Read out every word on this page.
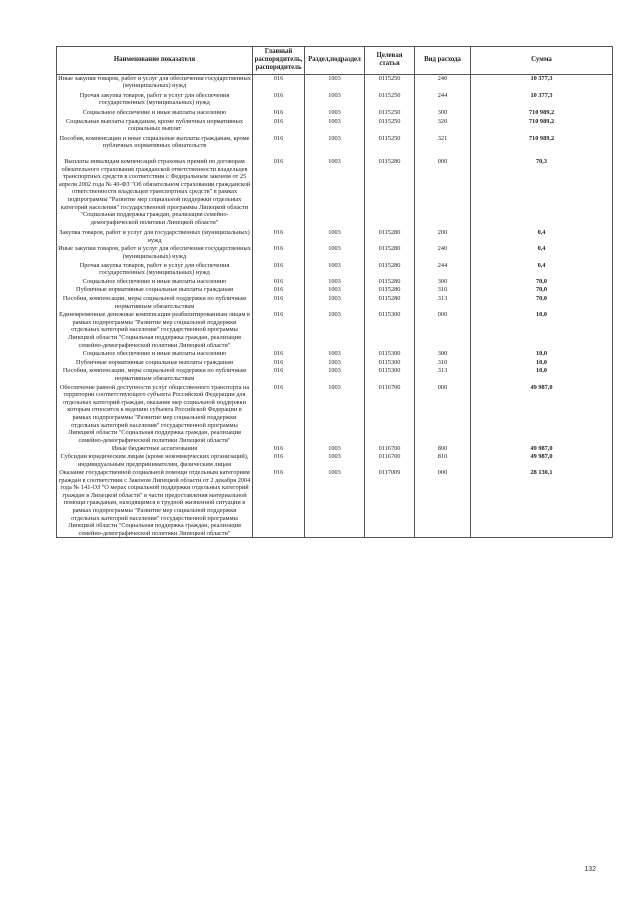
Наименование показателя	Главный распорядитель, распорядитель	Раздел,подраздел	Целевая статья	Вид расхода	Сумма
Иные закупки товаров, работ и услуг для обеспечения государственных (муниципальных) нужд	016	1003	0115250	240	10 377,3
Прочая закупка товаров, работ и услуг для обеспечения государственных (муниципальных) нужд	016	1003	0115250	244	10 377,3
Социальное обеспечение и иные выплаты населению	016	1003	0115250	300	710 989,2
Социальные выплаты гражданам, кроме публичных нормативных социальных выплат	016	1003	0115250	320	710 989,2
Пособия, компенсации и иные социальные выплаты гражданам, кроме публичных нормативных обязательств	016	1003	0115250	321	710 989,2
Выплаты инвалидам компенсаций страховых премий по договорам обязательного страхования гражданской ответственности владельцев транспортных средств в соответствии с Федеральным законом от 25 апреля 2002 года № 40-ФЗ "Об обязательном страховании гражданской ответственности владельцев транспортных средств" в рамках подпрограммы "Развитие мер социальной поддержки отдельных категорий населения" государственной программы Липецкой области "Социальная поддержка граждан, реализация семейно-демографической политики Липецкой области"	016	1003	0115280	000	70,3
Закупка товаров, работ и услуг для государственных (муниципальных) нужд	016	1003	0115280	200	0,4
Иные закупки товаров, работ и услуг для обеспечения государственных (муниципальных) нужд	016	1003	0115280	240	0,4
Прочая закупка товаров, работ и услуг для обеспечения государственных (муниципальных) нужд	016	1003	0115280	244	0,4
Социальное обеспечение и иные выплаты населению	016	1003	0115280	300	70,0
Публичные нормативные социальные выплаты гражданам	016	1003	0115280	310	70,0
Пособия, компенсации, меры социальной поддержки по публичным нормативным обязательствам	016	1003	0115280	313	70,0
Единовременные денежные компенсации реабилитированным лицам в рамках подпрограммы "Развитие мер социальной поддержки отдельных категорий населения" государственной программы Липецкой области "Социальная поддержка граждан, реализация семейно-демографической политики Липецкой области"	016	1003	0115300	000	10,0
Социальное обеспечение и иные выплаты населению	016	1003	0115300	300	10,0
Публичные нормативные социальные выплаты гражданам	016	1003	0115300	310	10,0
Пособия, компенсации, меры социальной поддержки по публичным нормативным обязательствам	016	1003	0115300	313	10,0
Обеспечение равной доступности услуг общественного транспорта на территории соответствующего субъекта Российской Федерации для отдельных категорий граждан, оказание мер социальной поддержки которым относится к ведению субъекта Российской Федерации в рамках подпрограммы "Развитие мер социальной поддержки отдельных категорий населения" государственной программы Липецкой области "Социальная поддержка граждан, реализация семейно-демографической политики Липецкой области"	016	1003	0116700	000	49 987,0
Иные бюджетные ассигнования	016	1003	0116700	800	49 987,0
Субсидии юридическим лицам (кроме некоммерческих организаций), индивидуальным предпринимателям, физическим лицам	016	1003	0116700	810	49 987,0
Оказание государственной социальной помощи отдельным категориям граждан в соответствии с Законом Липецкой области от 2 декабря 2004 года № 141-ОЗ "О мерах социальной поддержки отдельных категорий граждан в Липецкой области" в части предоставления материальной помощи гражданам, находящимся в трудной жизненной ситуации в рамках подпрограммы "Развитие мер социальной поддержки отдельных категорий населения" государственной программы Липецкой области "Социальная поддержка граждан, реализация семейно-демографической политики Липецкой области"	016	1003	0117009	000	28 130,1
132
